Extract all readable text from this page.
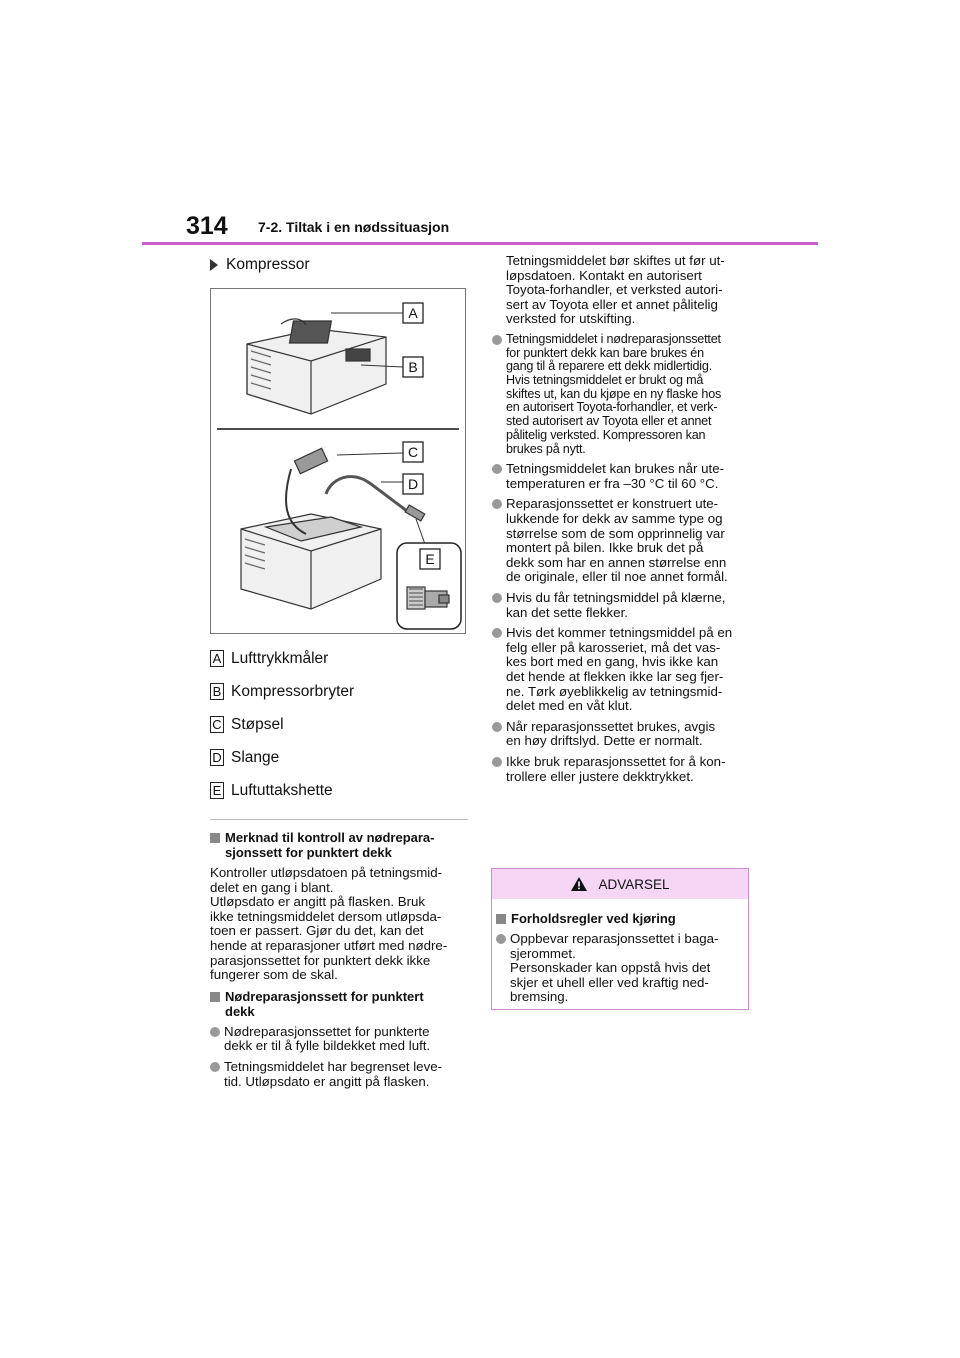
314 7-2. Tiltak i en nødssituasjon
Kompressor
A
B
C
D
E
A Lufttrykkmåler
B Kompressorbryter
C Støpsel
D Slange
E Luftuttakshette
Merknad til kontroll av nødrepara-
sjonssett for punktert dekk
Kontroller utløpsdatoen på tetningsmid-
delet en gang i blant.
Utløpsdato er angitt på flasken. Bruk
ikke tetningsmiddelet dersom utløpsda-
toen er passert. Gjør du det, kan det
hende at reparasjoner utført med nødre-
parasjonssettet for punktert dekk ikke
fungerer som de skal.
Nødreparasjonssett for punktert
dekk
Nødreparasjonssettet for punkterte
dekk er til å fylle bildekket med luft.
Tetningsmiddelet har begrenset leve-
tid. Utløpsdato er angitt på flasken.
Tetningsmiddelet bør skiftes ut før ut-
løpsdatoen. Kontakt en autorisert
Toyota-forhandler, et verksted autori-
sert av Toyota eller et annet pålitelig
verksted for utskifting.
Tetningsmiddelet i nødreparasjonssettet
for punktert dekk kan bare brukes én
gang til å reparere ett dekk midlertidig.
Hvis tetningsmiddelet er brukt og må
skiftes ut, kan du kjøpe en ny flaske hos
en autorisert Toyota-forhandler, et verk-
sted autorisert av Toyota eller et annet
pålitelig verksted. Kompressoren kan
brukes på nytt.
Tetningsmiddelet kan brukes når ute-
temperaturen er fra –30 °C til 60 °C.
Reparasjonssettet er konstruert ute-
lukkende for dekk av samme type og
størrelse som de som opprinnelig var
montert på bilen. Ikke bruk det på
dekk som har en annen størrelse enn
de originale, eller til noe annet formål.
Hvis du får tetningsmiddel på klærne,
kan det sette flekker.
Hvis det kommer tetningsmiddel på en
felg eller på karosseriet, må det vas-
kes bort med en gang, hvis ikke kan
det hende at flekken ikke lar seg fjer-
ne. Tørk øyeblikkelig av tetningsmid-
delet med en våt klut.
Når reparasjonssettet brukes, avgis
en høy driftslyd. Dette er normalt.
Ikke bruk reparasjonssettet for å kon-
trollere eller justere dekktrykket.
ADVARSEL
Forholdsregler ved kjøring
Oppbevar reparasjonssettet i baga-
sjerommet.
Personskader kan oppstå hvis det
skjer et uhell eller ved kraftig ned-
bremsing.
